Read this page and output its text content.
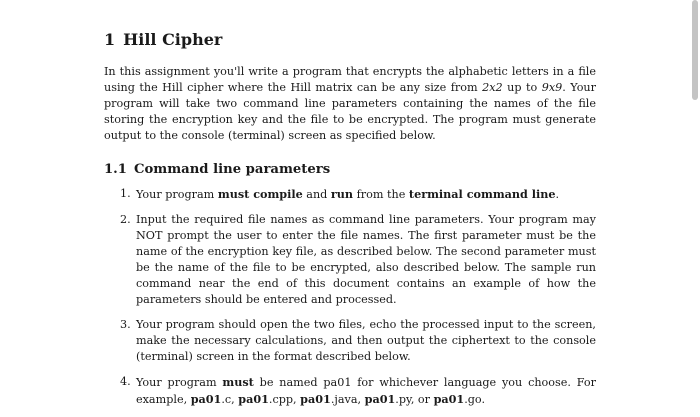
1 Hill Cipher

In this assignment you'll write a program that encrypts the alphabetic letters in a file using the Hill cipher where the Hill matrix can be any size from 2x2 up to 9x9. Your program will take two command line parameters containing the names of the file storing the encryption key and the file to be encrypted. The program must generate output to the console (terminal) screen as specified below.

1.1 Command line parameters
1. Your program must compile and run from the terminal command line.
2. Input the required file names as command line parameters. Your program may NOT prompt the user to enter the file names. The first parameter must be the name of the encryption key file, as described below. The second parameter must be the name of the file to be encrypted, also described below. The sample run command near the end of this document contains an example of how the parameters should be entered and processed.
3. Your program should open the two files, echo the processed input to the screen, make the necessary calculations, and then output the ciphertext to the console (terminal) screen in the format described below.
4. Your program must be named pa01 for whichever language you choose. For example, pa01.c, pa01.cpp, pa01.java, pa01.py, or pa01.go.
